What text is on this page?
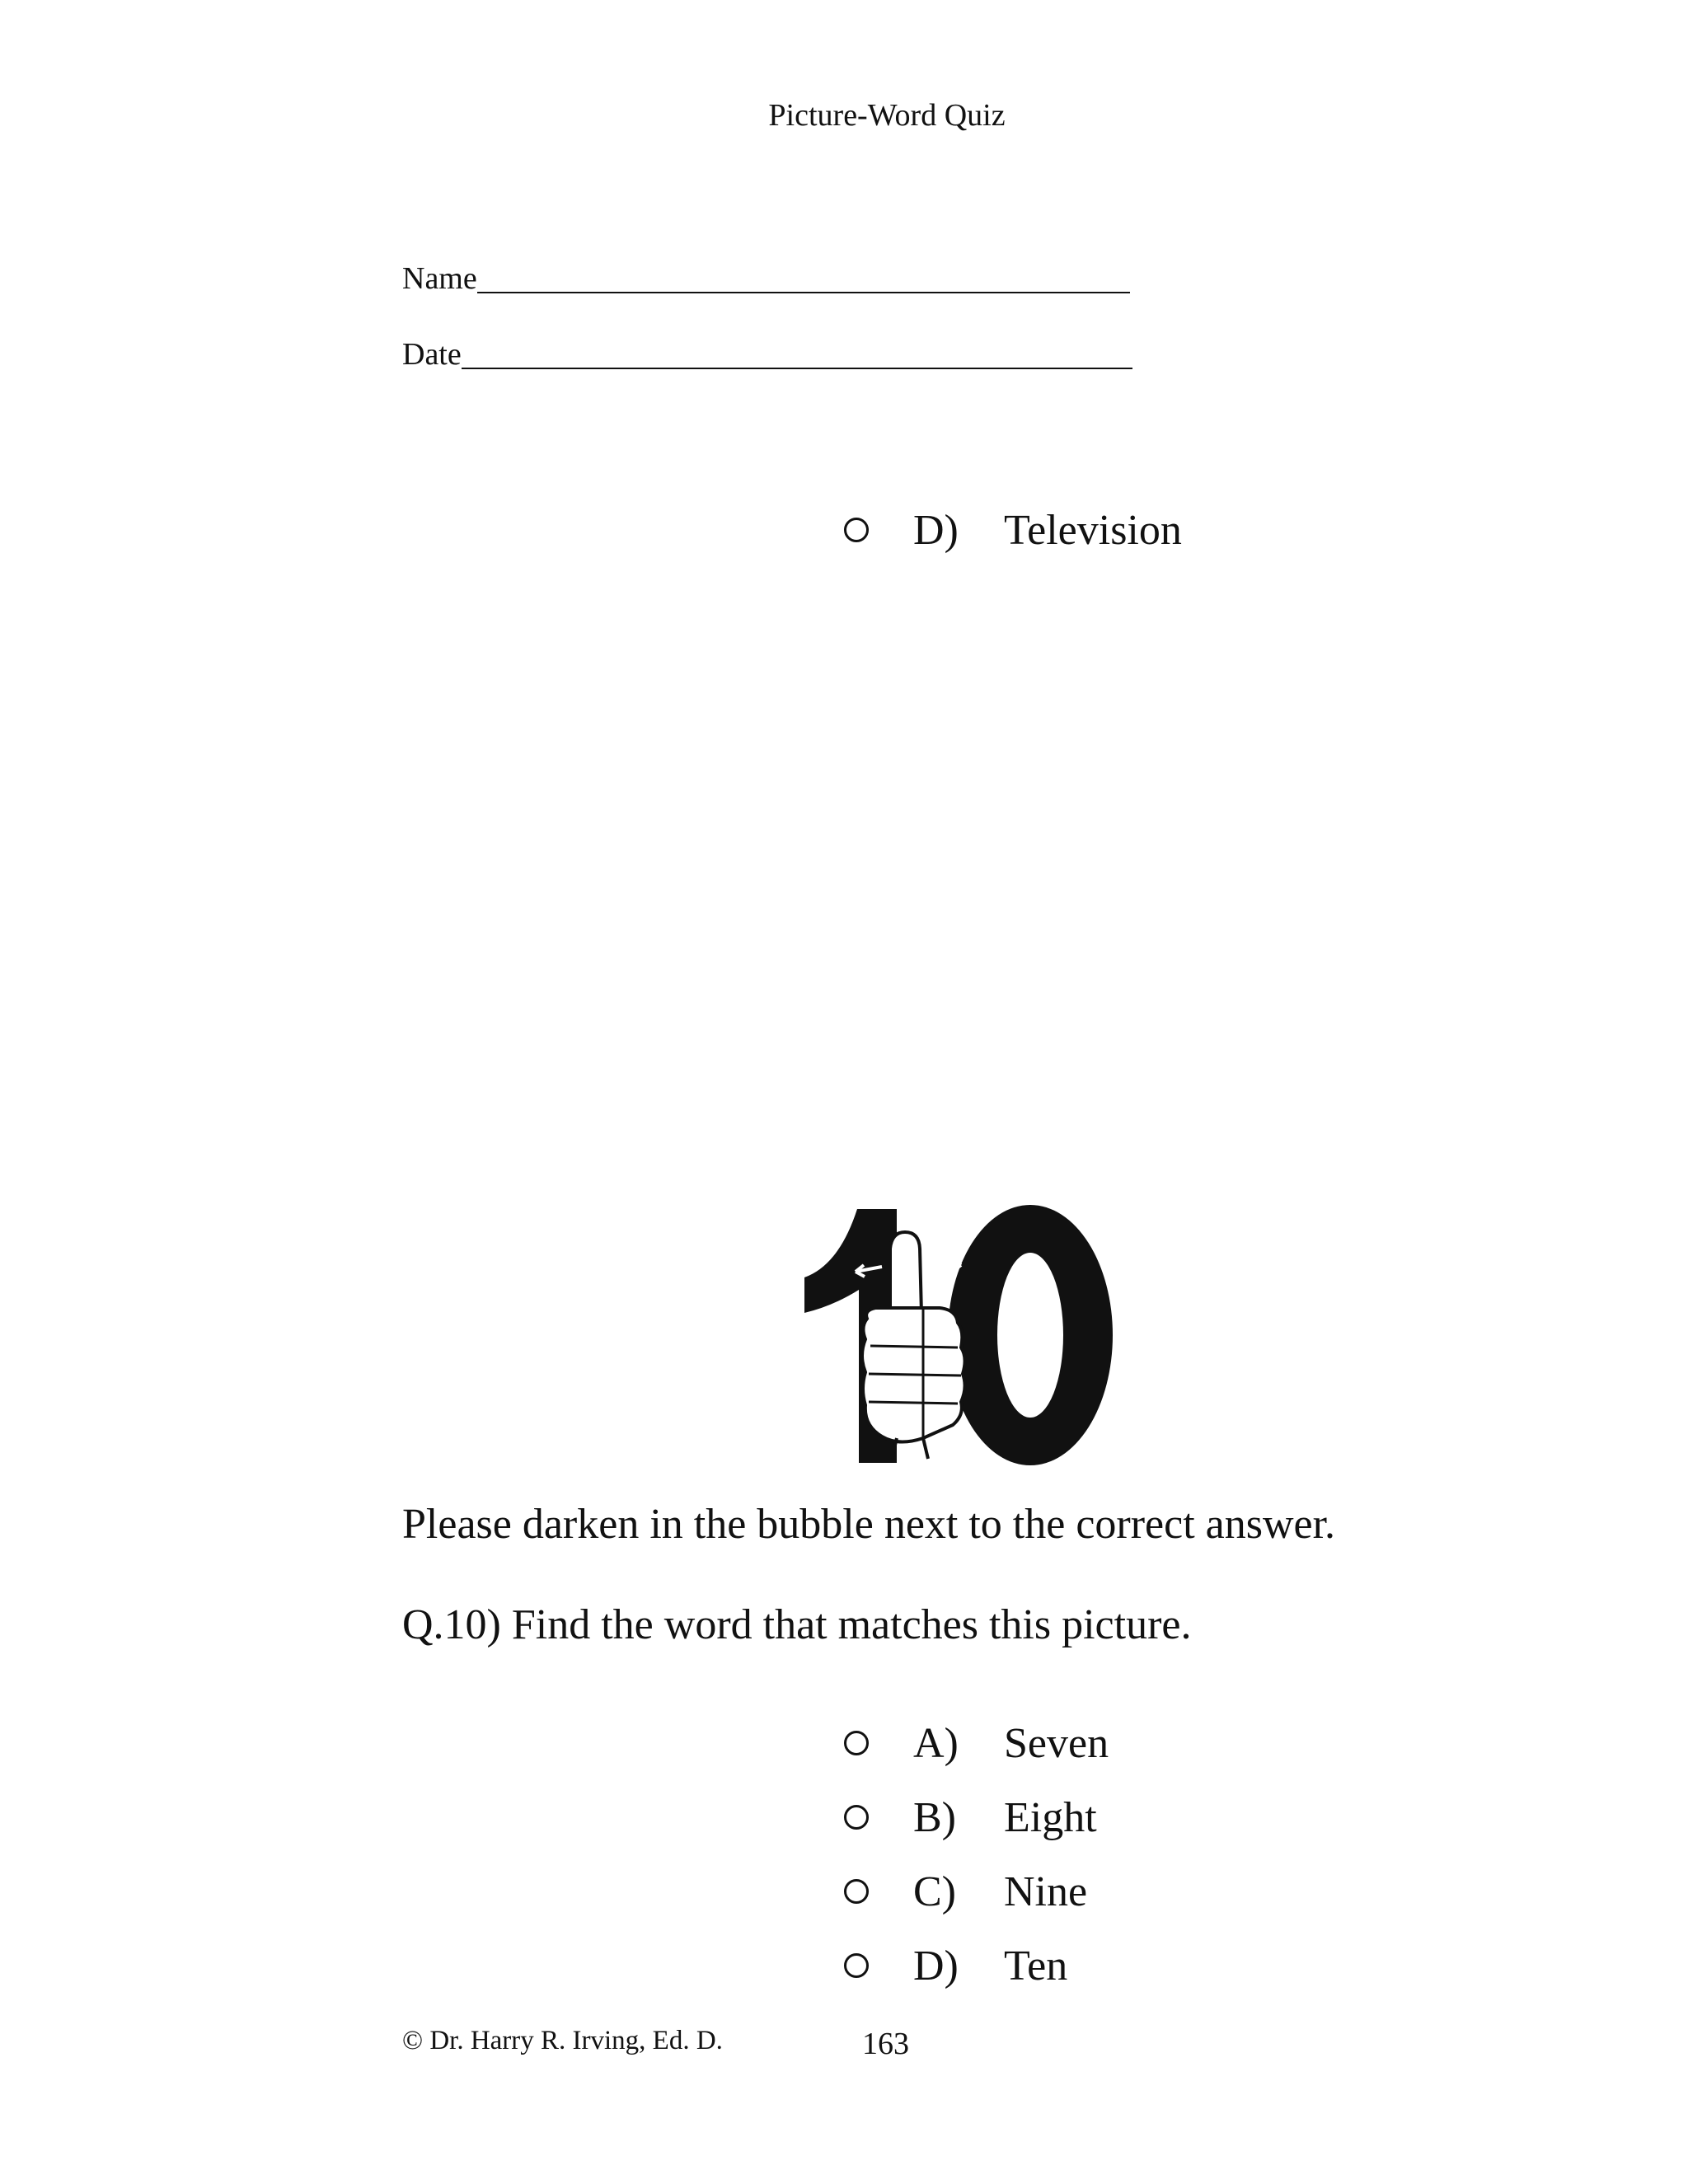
Picture-Word Quiz
Name
Date
D)	Television
Please darken in the bubble next to the correct answer.
Q.10) Find the word that matches this picture.
A)	Seven
B)	Eight
C)	Nine
D)	Ten
© Dr. Harry R. Irving, Ed. D.	163
